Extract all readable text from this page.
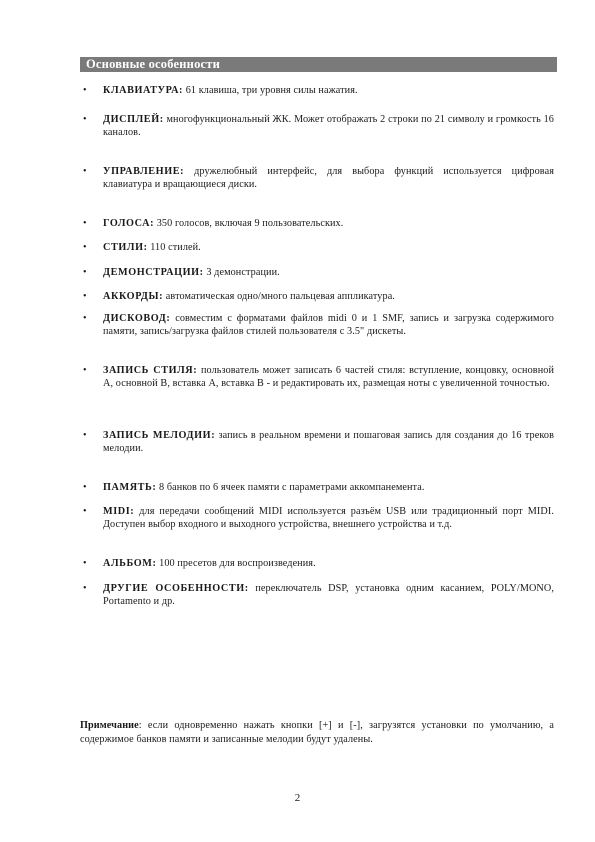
Основные особенности
• КЛАВИАТУРА: 61 клавиша, три уровня силы нажатия.
• ДИСПЛЕЙ: многофункциональный ЖК. Может отображать 2 строки по 21 символу и громкость 16 каналов.
• УПРАВЛЕНИЕ: дружелюбный интерфейс, для выбора функций используется цифровая клавиатура и вращающиеся диски.
• ГОЛОСА: 350 голосов, включая 9 пользовательских.
• СТИЛИ: 110 стилей.
• ДЕМОНСТРАЦИИ: 3 демонстрации.
• АККОРДЫ: автоматическая одно/много пальцевая аппликатура.
• ДИСКОВОД: совместим с форматами файлов midi 0 и 1 SMF, запись и загрузка содержимого памяти, запись/загрузка файлов стилей пользователя с 3.5" дискеты.
• ЗАПИСЬ СТИЛЯ: пользователь может записать 6 частей стиля: вступление, концовку, основной А, основной В, вставка А, вставка В - и редактировать их, размещая ноты с увеличенной точностью.
• ЗАПИСЬ МЕЛОДИИ: запись в реальном времени и пошаговая запись для создания до 16 треков мелодии.
• ПАМЯТЬ: 8 банков по 6 ячеек памяти с параметрами аккомпанемента.
• MIDI: для передачи сообщений MIDI используется разъём USB или традиционный порт MIDI. Доступен выбор входного и выходного устройства, внешнего устройства и т.д.
• АЛЬБОМ: 100 пресетов для воспроизведения.
• ДРУГИЕ ОСОБЕННОСТИ: переключатель DSP, установка одним касанием, POLY/MONO, Portamento и др.

Примечание: если одновременно нажать кнопки [+] и [-], загрузятся установки по умолчанию, а содержимое банков памяти и записанные мелодии будут удалены.

2
